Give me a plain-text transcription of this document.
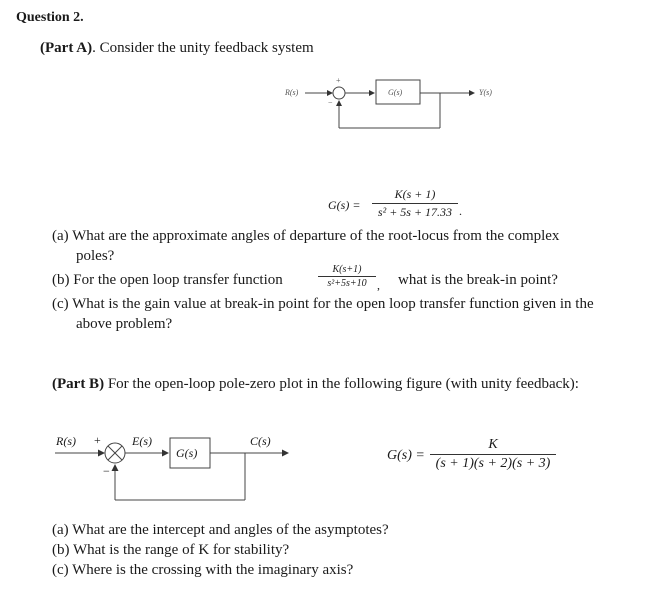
Question 2.
(Part A). Consider the unity feedback system
R(s)
+
−
G(s)	Y(s)
G(s) =
K(s + 1)
s² + 5s + 17.33 .
(a) What are the approximate angles of departure of the root-locus from the complex
poles?
(b) For the open loop transfer function
K(s+1)
s²+5s+10 , what is the break-in point?
(c) What is the gain value at break-in point for the open loop transfer function given in the
above problem?
(Part B) For the open-loop pole-zero plot in the following figure (with unity feedback):
R(s) +
−
E(s)
G(s)
C(s)
G(s) =
K
(s + 1)(s + 2)(s + 3)
(a) What are the intercept and angles of the asymptotes?
(b) What is the range of K for stability?
(c) Where is the crossing with the imaginary axis?
